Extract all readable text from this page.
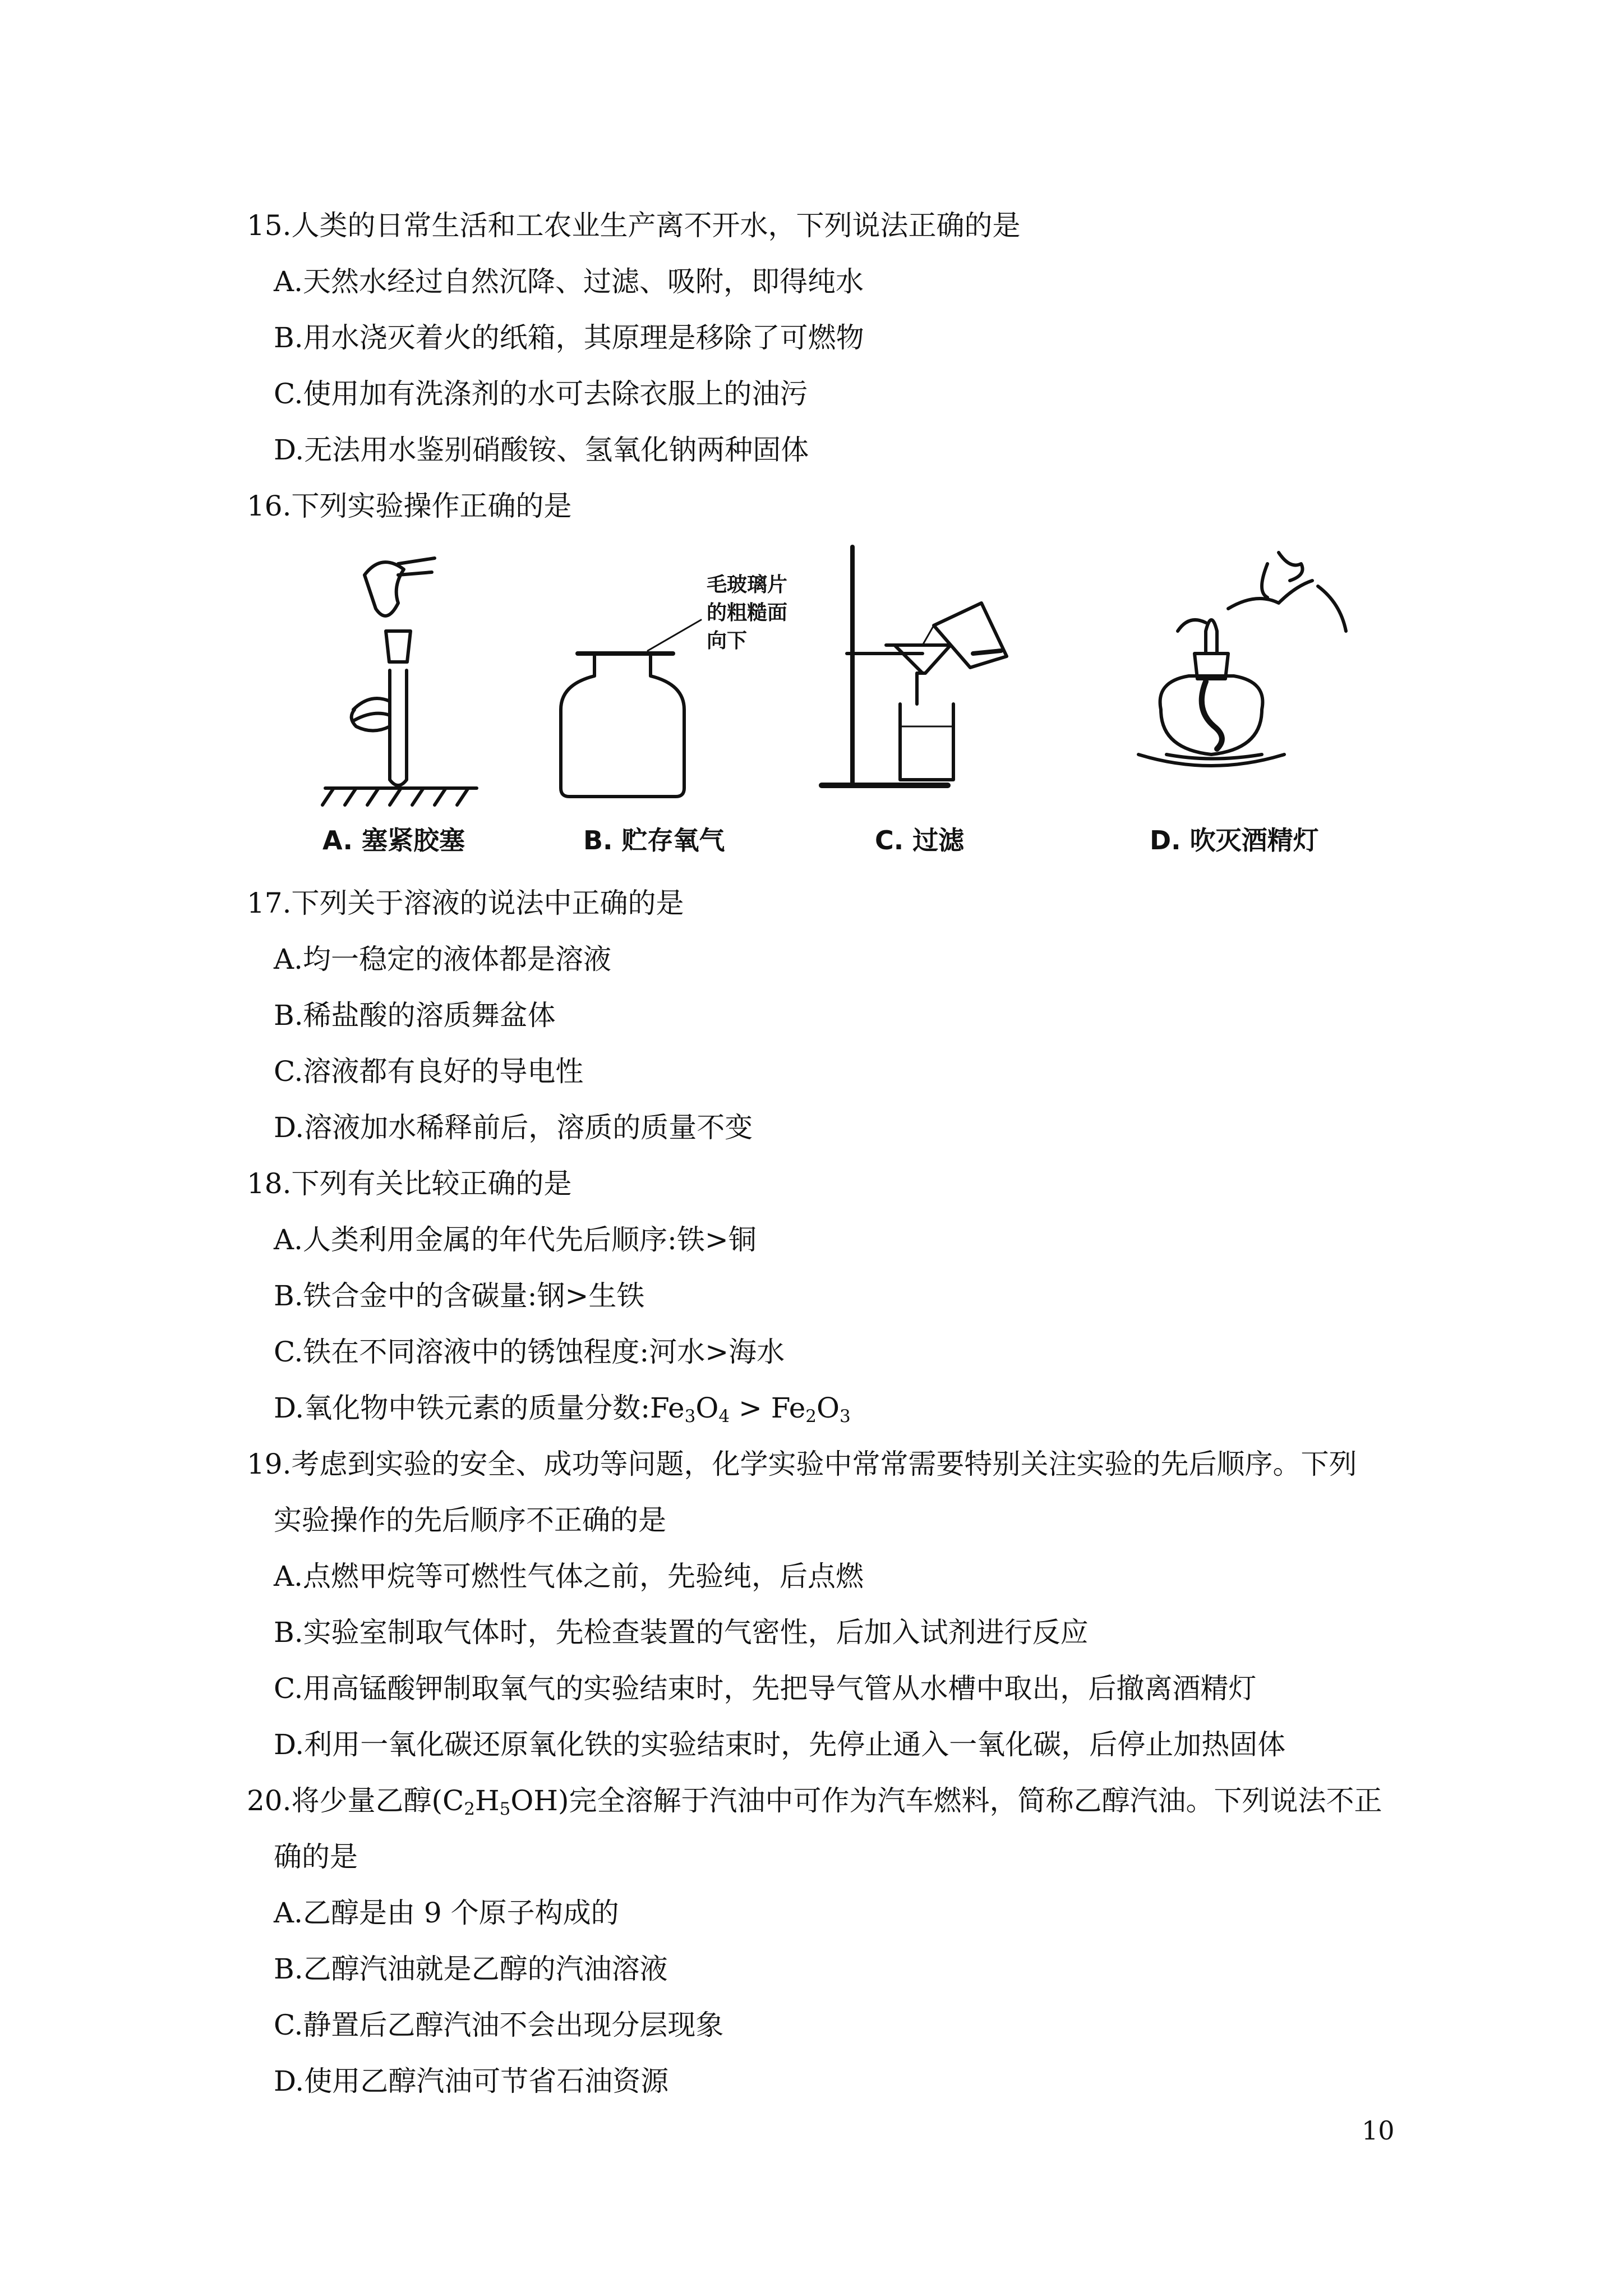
15.人类的日常生活和工农业生产离不开水，下列说法正确的是
A.天然水经过自然沉降、过滤、吸附，即得纯水
B.用水浇灭着火的纸箱，其原理是移除了可燃物
C.使用加有洗涤剂的水可去除衣服上的油污
D.无法用水鉴别硝酸铵、氢氧化钠两种固体
16.下列实验操作正确的是
毛玻璃片
的粗糙面
向下
A. 塞紧胶塞	B. 贮存氧气	C. 过滤	D. 吹灭酒精灯
17.下列关于溶液的说法中正确的是
A.均一稳定的液体都是溶液
B.稀盐酸的溶质舞盆体
C.溶液都有良好的导电性
D.溶液加水稀释前后，溶质的质量不变
18.下列有关比较正确的是
A.人类利用金属的年代先后顺序:铁>铜
B.铁合金中的含碳量:钢>生铁
C.铁在不同溶液中的锈蚀程度:河水>海水
D.氧化物中铁元素的质量分数$:Fe_3O_4 > Fe_2O_3$
19.考虑到实验的安全、成功等问题，化学实验中常常需要特别关注实验的先后顺序。下列
实验操作的先后顺序不正确的是
A.点燃甲烷等可燃性气体之前，先验纯，后点燃
B.实验室制取气体时，先检查装置的气密性，后加入试剂进行反应
C.用高锰酸钾制取氧气的实验结束时，先把导气管从水槽中取出，后撤离酒精灯
D.利用一氧化碳还原氧化铁的实验结束时，先停止通入一氧化碳，后停止加热固体
20.将少量乙醇$(C_2H_5OH)$完全溶解于汽油中可作为汽车燃料，简称乙醇汽油。下列说法不正
确的是
A.乙醇是由 9 个原子构成的
B.乙醇汽油就是乙醇的汽油溶液
C.静置后乙醇汽油不会出现分层现象
D.使用乙醇汽油可节省石油资源
10
